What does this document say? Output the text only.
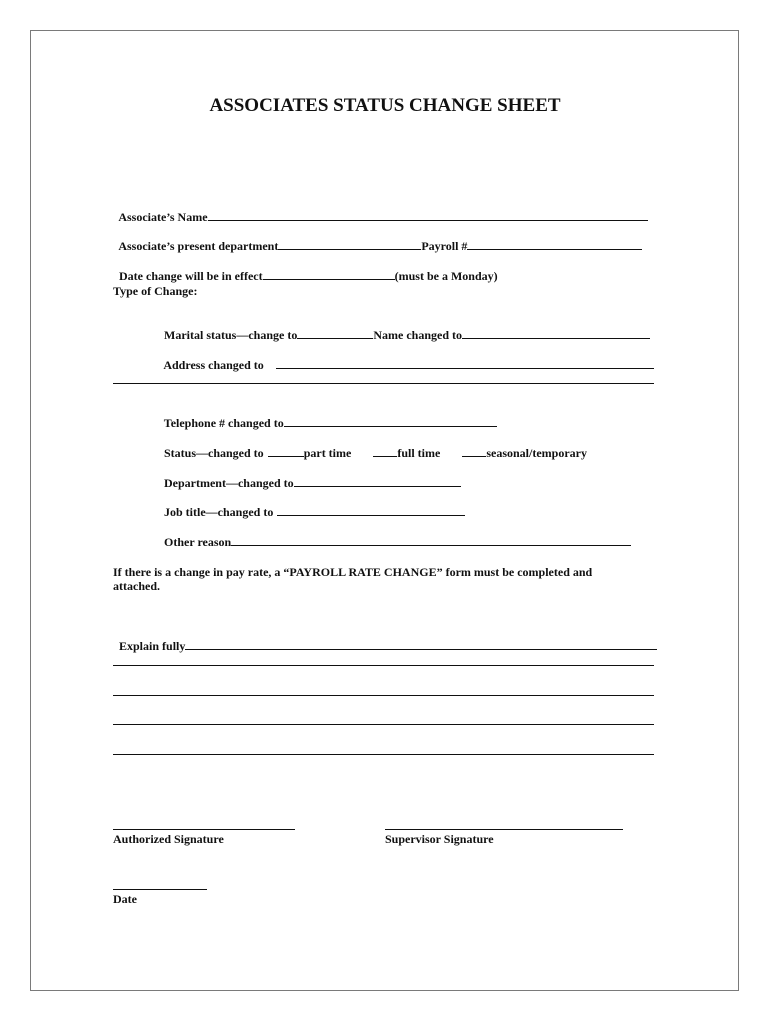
ASSOCIATES STATUS CHANGE SHEET

Associate’s Name

Associate’s present department	Payroll #

Date change will be in effect	(must be a Monday)

Type of Change:

Marital status—change to	Name changed to

Address changed to

Telephone # changed to

Status—changed to	part time	full time	seasonal/temporary

Department—changed to

Job title—changed to

Other reason

If there is a change in pay rate, a “PAYROLL RATE CHANGE” form must be completed and
attached.

Explain fully

Authorized Signature	Supervisor Signature
Date
